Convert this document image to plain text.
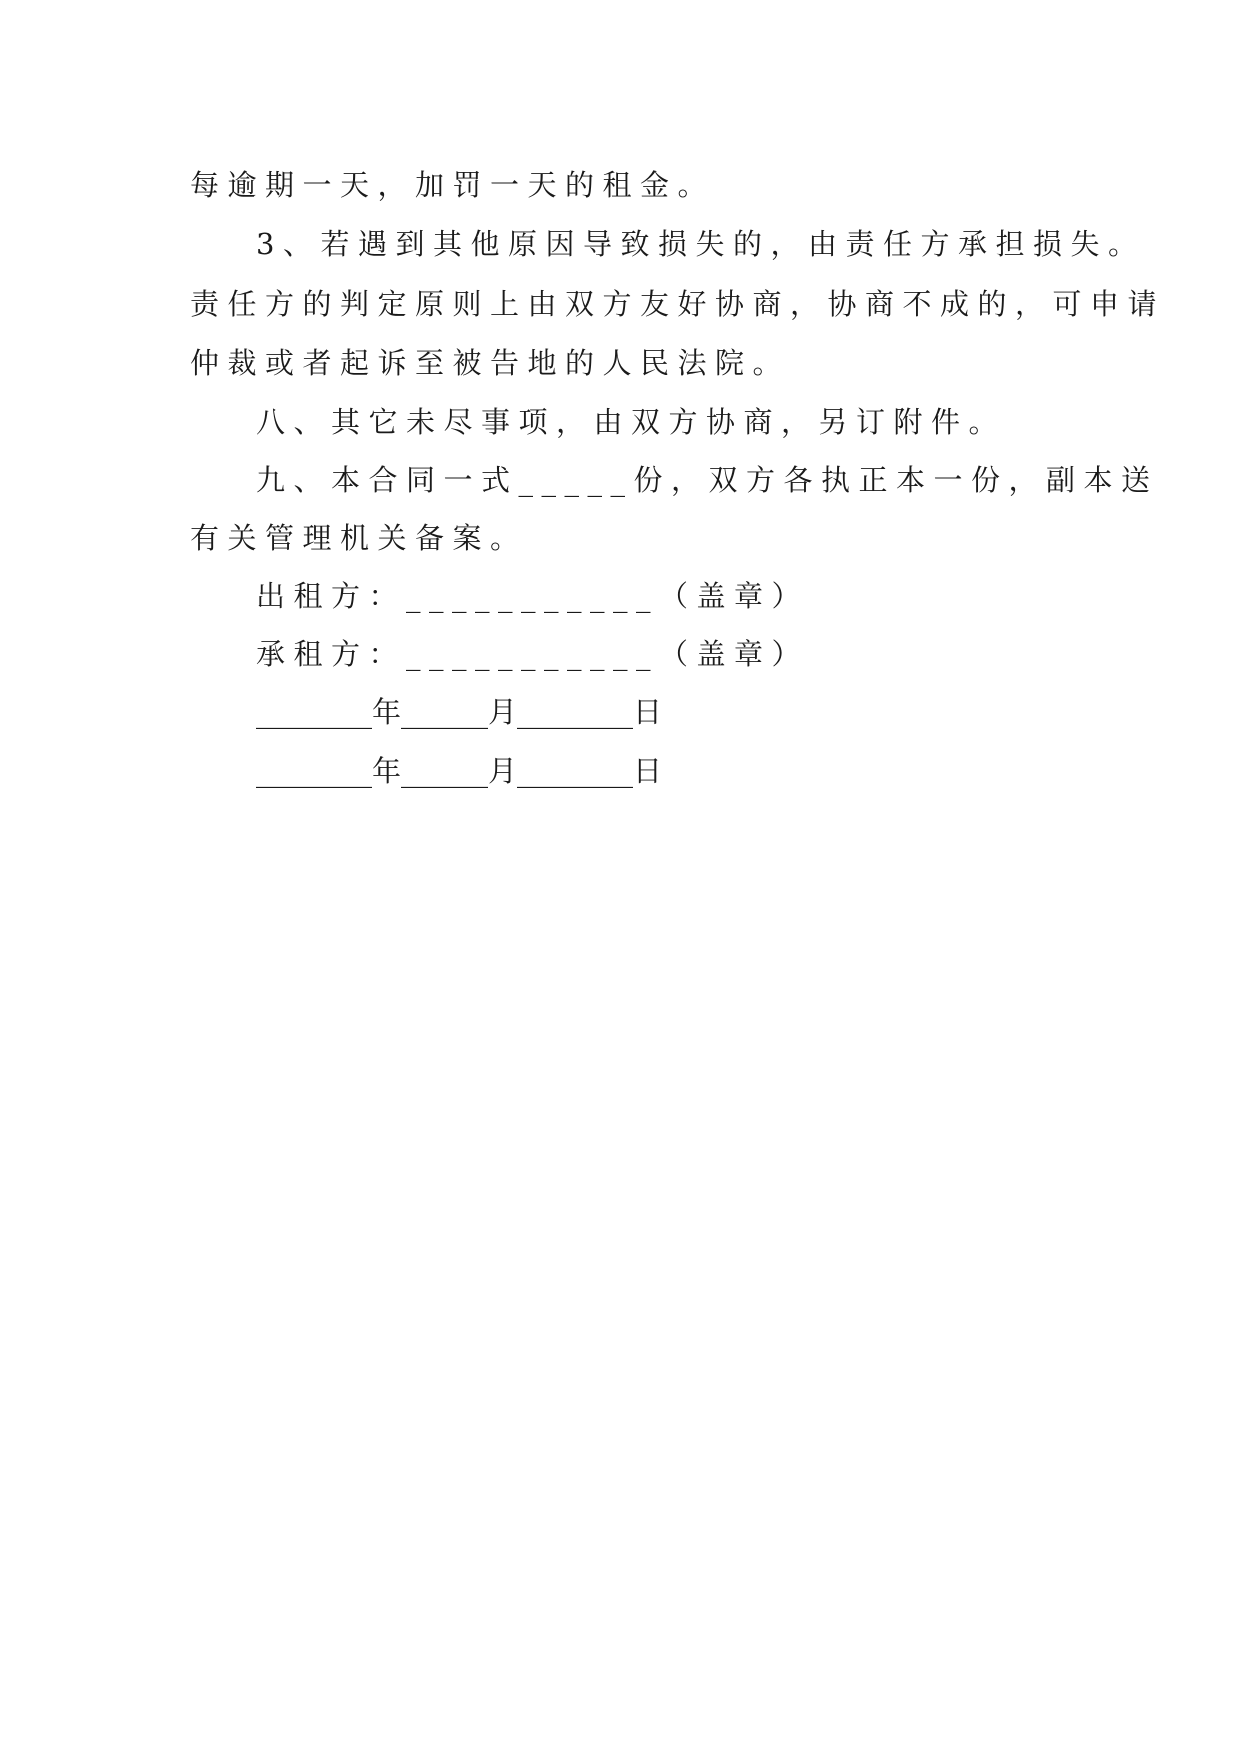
每逾期一天，加罚一天的租金。
3、若遇到其他原因导致损失的，由责任方承担损失。
责任方的判定原则上由双方友好协商，协商不成的，可申请
仲裁或者起诉至被告地的人民法院。
八、其它未尽事项，由双方协商，另订附件。
九、本合同一式_____份，双方各执正本一份，副本送
有关管理机关备案。
出租方：___________（盖章）
承租方：___________（盖章）
________年______月________日
________年______月________日
